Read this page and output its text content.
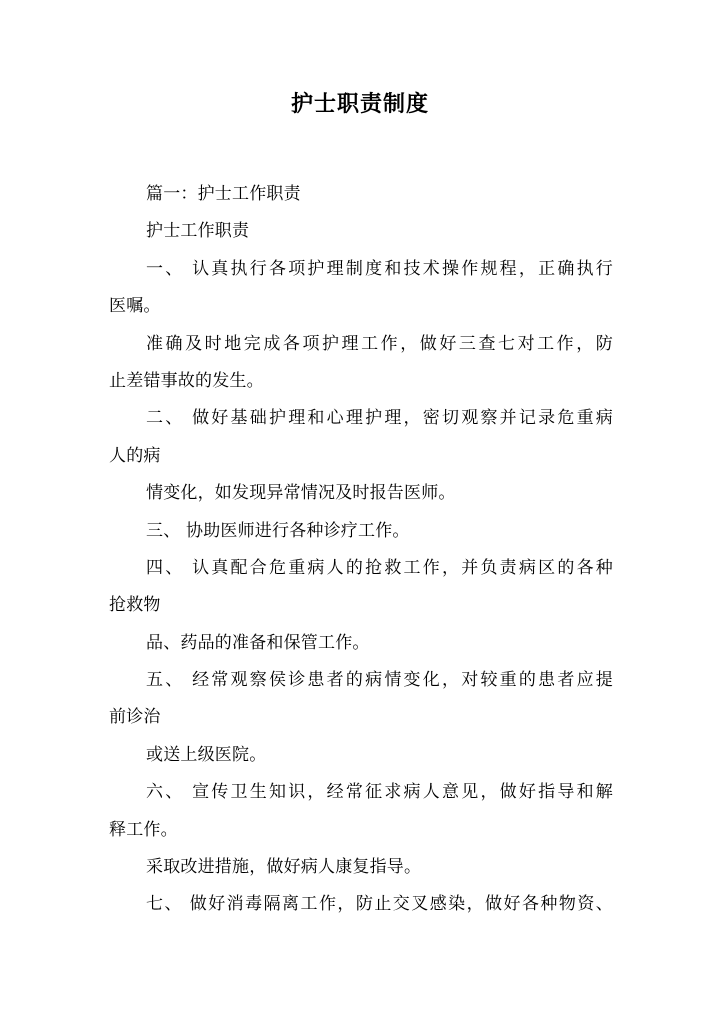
护士职责制度
篇一：护士工作职责
护士工作职责
一、 认真执行各项护理制度和技术操作规程，正确执行
医嘱。
准确及时地完成各项护理工作，做好三查七对工作，防
止差错事故的发生。
二、 做好基础护理和心理护理，密切观察并记录危重病
人的病
情变化，如发现异常情况及时报告医师。
三、 协助医师进行各种诊疗工作。
四、 认真配合危重病人的抢救工作，并负责病区的各种
抢救物
品、药品的准备和保管工作。
五、 经常观察侯诊患者的病情变化，对较重的患者应提
前诊治
或送上级医院。
六、 宣传卫生知识，经常征求病人意见，做好指导和解
释工作。
采取改进措施，做好病人康复指导。
七、 做好消毒隔离工作，防止交叉感染，做好各种物资、
